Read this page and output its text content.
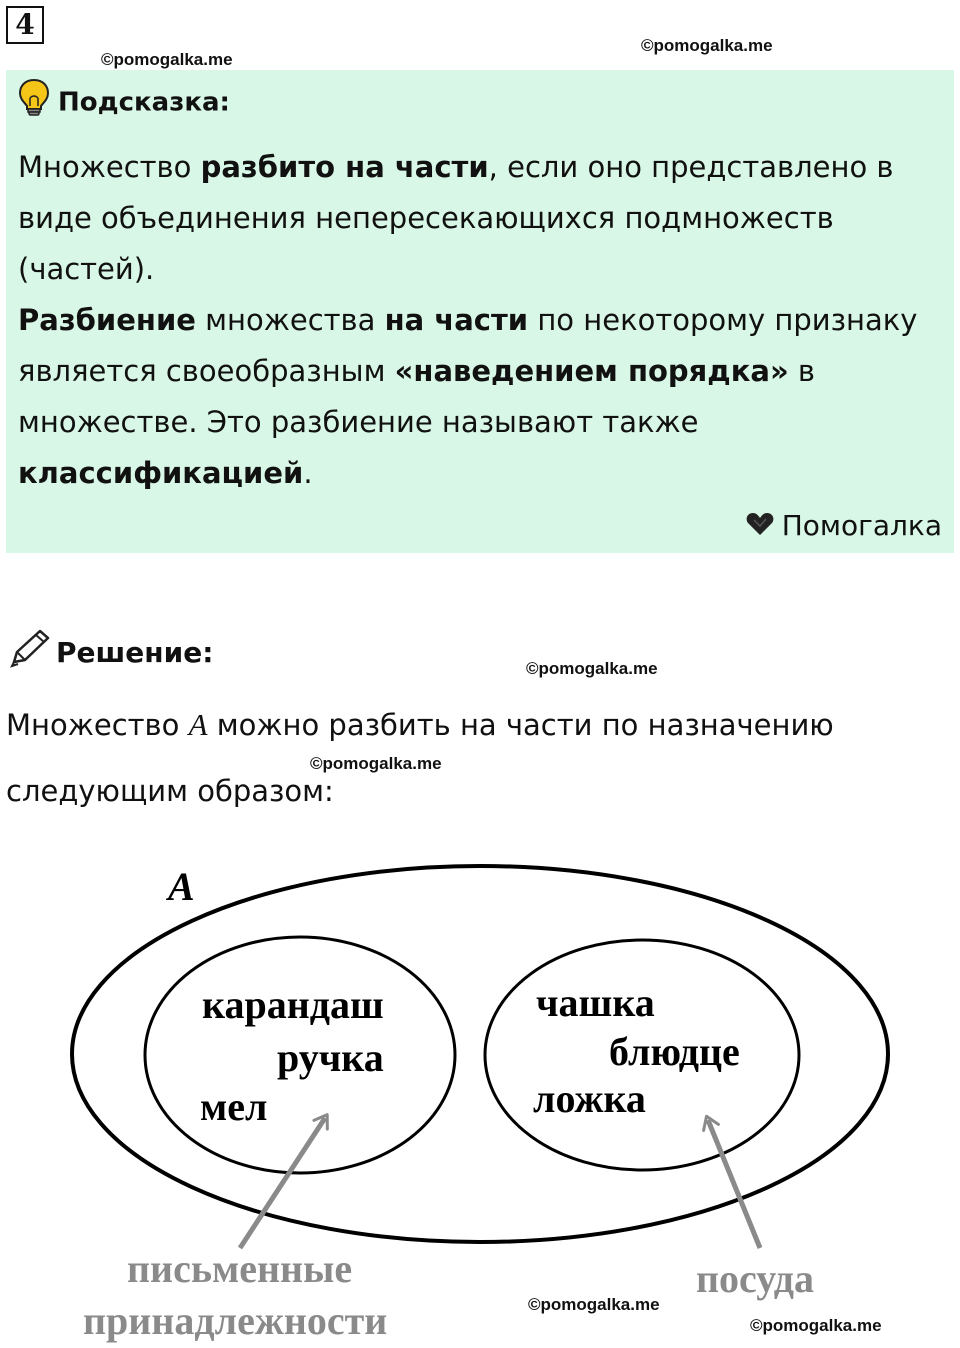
4
©pomogalka.me
©pomogalka.me
Подсказка:
Множество разбито на части, если оно представлено в виде объединения непересекающихся подмножеств (частей).
Разбиение множества на части по некоторому признаку является своеобразным «наведением порядка» в множестве. Это разбиение называют также классификацией.
Помогалка
Решение:	©pomogalka.me
Множество A можно разбить на части по назначению следующим образом:
©pomogalka.me
A
карандаш
ручка
мел
чашка
блюдце
ложка
письменные
принадлежности
посуда
©pomogalka.me
©pomogalka.me
